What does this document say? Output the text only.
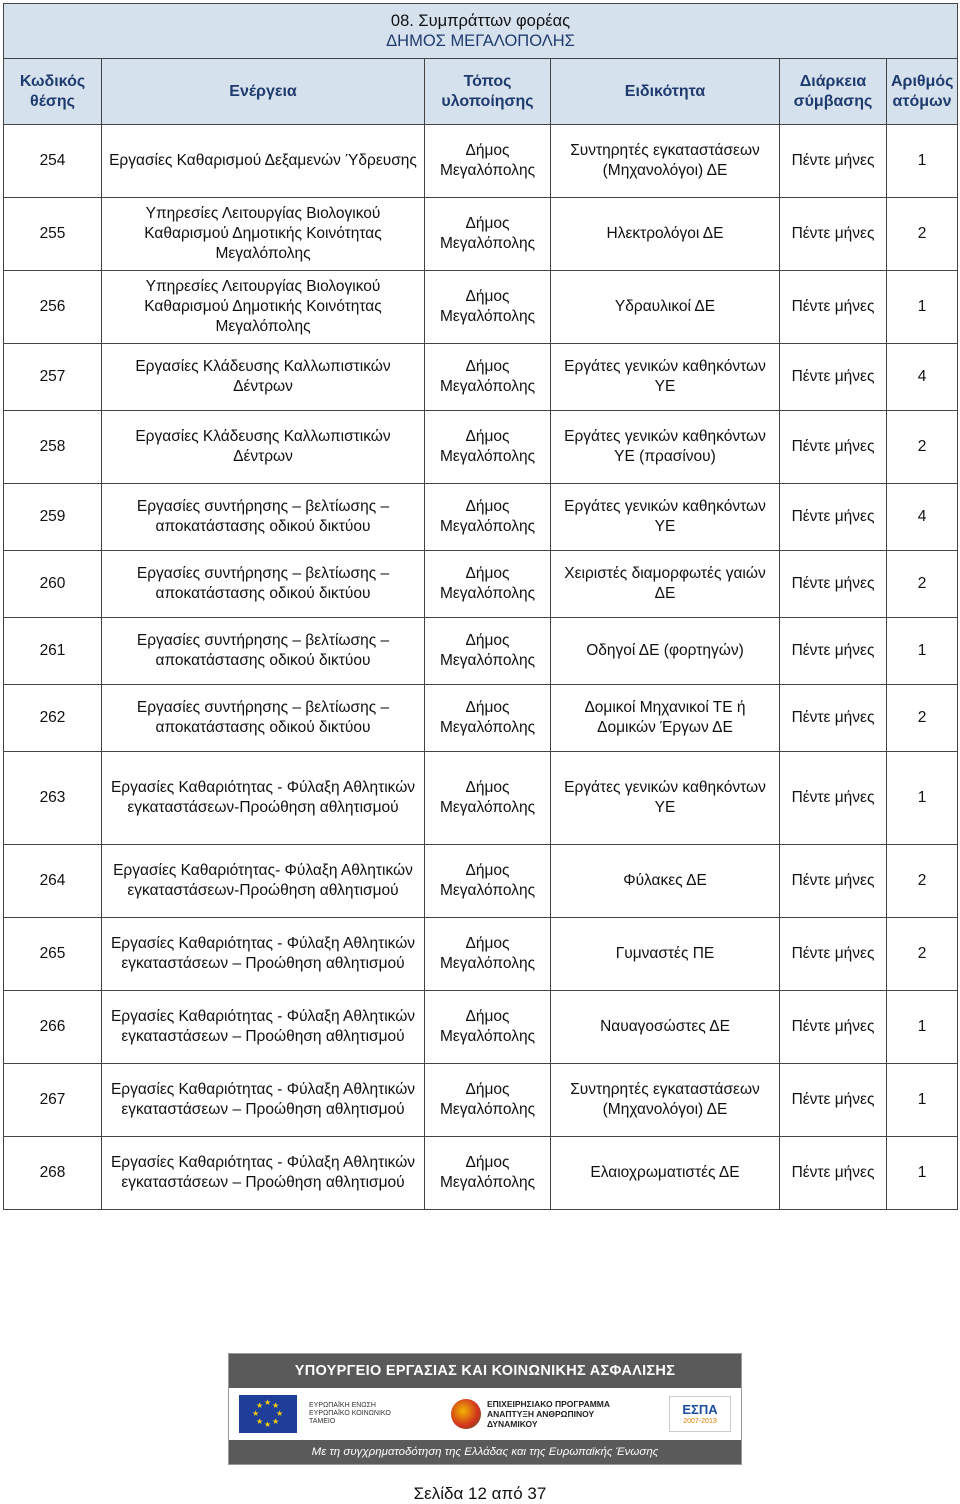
08. Συμπράττων φορέας
ΔΗΜΟΣ ΜΕΓΑΛΟΠΟΛΗΣ					

Κωδικός θέσης	Ενέργεια	Τόπος υλοποίησης	Ειδικότητα	Διάρκεια σύμβασης	Αριθμός ατόμων
254	Εργασίες Καθαρισμού Δεξαμενών Ύδρευσης	Δήμος Μεγαλόπολης	Συντηρητές εγκαταστάσεων (Μηχανολόγοι) ΔΕ	Πέντε μήνες	1
255	Υπηρεσίες Λειτουργίας Βιολογικού Καθαρισμού Δημοτικής Κοινότητας Μεγαλόπολης	Δήμος Μεγαλόπολης	Ηλεκτρολόγοι ΔΕ	Πέντε μήνες	2
256	Υπηρεσίες Λειτουργίας Βιολογικού Καθαρισμού Δημοτικής Κοινότητας Μεγαλόπολης	Δήμος Μεγαλόπολης	Υδραυλικοί ΔΕ	Πέντε μήνες	1
257	Εργασίες Κλάδευσης Καλλωπιστικών Δέντρων	Δήμος Μεγαλόπολης	Εργάτες γενικών καθηκόντων ΥΕ	Πέντε μήνες	4
258	Εργασίες Κλάδευσης Καλλωπιστικών Δέντρων	Δήμος Μεγαλόπολης	Εργάτες γενικών καθηκόντων ΥΕ (πρασίνου)	Πέντε μήνες	2
259	Εργασίες συντήρησης – βελτίωσης – αποκατάστασης οδικού δικτύου	Δήμος Μεγαλόπολης	Εργάτες γενικών καθηκόντων ΥΕ	Πέντε μήνες	4
260	Εργασίες συντήρησης – βελτίωσης – αποκατάστασης οδικού δικτύου	Δήμος Μεγαλόπολης	Χειριστές διαμορφωτές γαιών ΔΕ	Πέντε μήνες	2
261	Εργασίες συντήρησης – βελτίωσης – αποκατάστασης οδικού δικτύου	Δήμος Μεγαλόπολης	Οδηγοί ΔΕ (φορτηγών)	Πέντε μήνες	1
262	Εργασίες συντήρησης – βελτίωσης – αποκατάστασης οδικού δικτύου	Δήμος Μεγαλόπολης	Δομικοί Μηχανικοί ΤΕ ή Δομικών Έργων ΔΕ	Πέντε μήνες	2
263	Εργασίες Καθαριότητας - Φύλαξη Αθλητικών εγκαταστάσεων-Προώθηση αθλητισμού	Δήμος Μεγαλόπολης	Εργάτες γενικών καθηκόντων ΥΕ	Πέντε μήνες	1
264	Εργασίες Καθαριότητας- Φύλαξη Αθλητικών εγκαταστάσεων-Προώθηση αθλητισμού	Δήμος Μεγαλόπολης	Φύλακες ΔΕ	Πέντε μήνες	2
265	Εργασίες Καθαριότητας - Φύλαξη Αθλητικών εγκαταστάσεων – Προώθηση αθλητισμού	Δήμος Μεγαλόπολης	Γυμναστές ΠΕ	Πέντε μήνες	2
266	Εργασίες Καθαριότητας - Φύλαξη Αθλητικών εγκαταστάσεων – Προώθηση αθλητισμού	Δήμος Μεγαλόπολης	Ναυαγοσώστες ΔΕ	Πέντε μήνες	1
267	Εργασίες Καθαριότητας - Φύλαξη Αθλητικών εγκαταστάσεων – Προώθηση αθλητισμού	Δήμος Μεγαλόπολης	Συντηρητές εγκαταστάσεων (Μηχανολόγοι) ΔΕ	Πέντε μήνες	1
268	Εργασίες Καθαριότητας - Φύλαξη Αθλητικών εγκαταστάσεων – Προώθηση αθλητισμού	Δήμος Μεγαλόπολης	Ελαιοχρωματιστές ΔΕ	Πέντε μήνες	1
ΥΠΟΥΡΓΕΙΟ ΕΡΓΑΣΙΑΣ ΚΑΙ ΚΟΙΝΩΝΙΚΗΣ ΑΣΦΑΛΙΣΗΣ
★ ★
★
★
★
★
★
★	ΕΥΡΩΠΑΪΚΗ ΕΝΩΣΗ ΕΥΡΩΠΑΪΚΟ ΚΟΙΝΩΝΙΚΟ ΤΑΜΕΙΟ
ΕΠΙΧΕΙΡΗΣΙΑΚΟ ΠΡΟΓΡΑΜΜΑ ΑΝΑΠΤΥΞΗ ΑΝΘΡΩΠΙΝΟΥ ΔΥΝΑΜΙΚΟΥ
ΕΣΠΑ
2007-2013
Με τη συγχρηματοδότηση της Ελλάδας και της Ευρωπαϊκής Ένωσης
Σελίδα 12 από 37
